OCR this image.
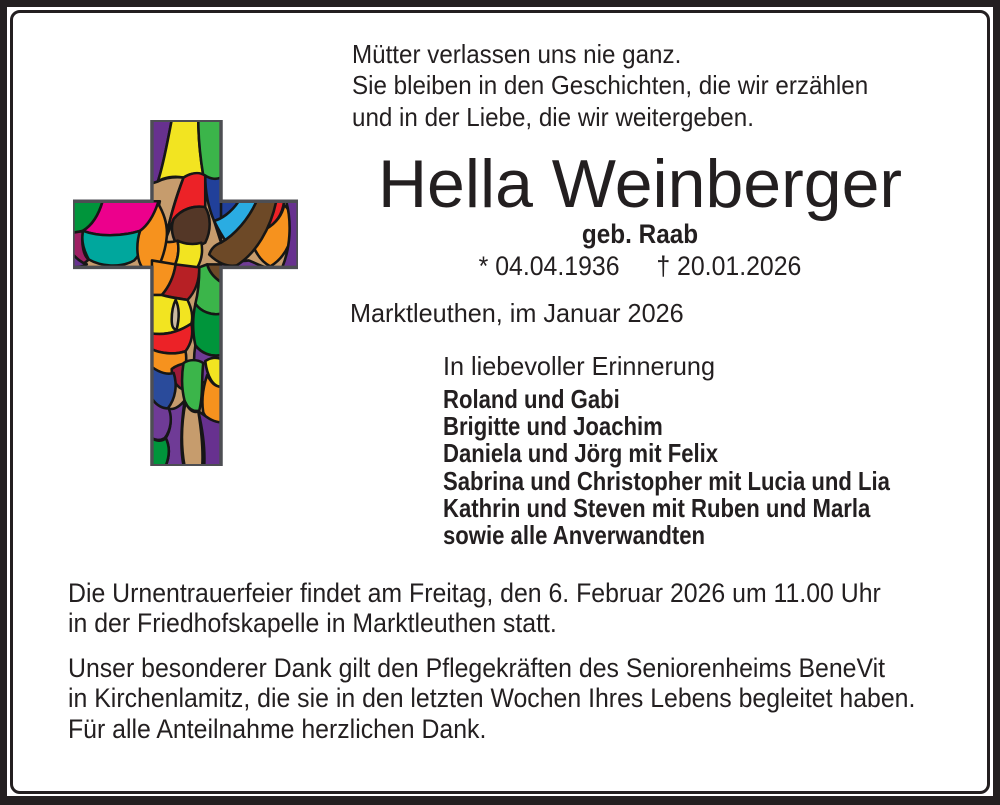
Mütter verlassen uns nie ganz.
Sie bleiben in den Geschichten, die wir erzählen
und in der Liebe, die wir weitergeben.
Hella Weinberger
geb. Raab
* 04.04.1936 † 20.01.2026
Marktleuthen, im Januar 2026
In liebevoller Erinnerung
Roland und Gabi
Brigitte und Joachim
Daniela und Jörg mit Felix
Sabrina und Christopher mit Lucia und Lia
Kathrin und Steven mit Ruben und Marla
sowie alle Anverwandten
Die Urnentrauerfeier findet am Freitag, den 6. Februar 2026 um 11.00 Uhr
in der Friedhofskapelle in Marktleuthen statt.
Unser besonderer Dank gilt den Pflegekräften des Seniorenheims BeneVit
in Kirchenlamitz, die sie in den letzten Wochen Ihres Lebens begleitet haben.
Für alle Anteilnahme herzlichen Dank.
